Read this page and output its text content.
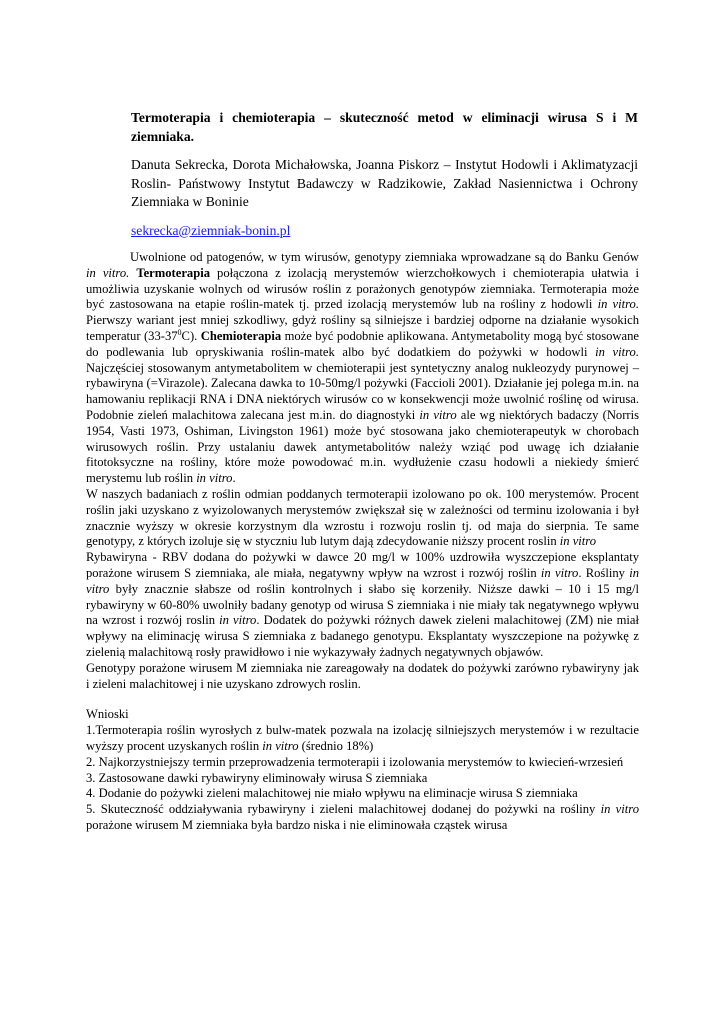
Termoterapia i chemioterapia – skuteczność metod w eliminacji wirusa S i M ziemniaka.

Danuta Sekrecka, Dorota Michałowska, Joanna Piskorz – Instytut Hodowli i Aklimatyzacji Roslin- Państwowy Instytut Badawczy w Radzikowie, Zakład Nasiennictwa i Ochrony Ziemniaka w Boninie

sekrecka@ziemniak-bonin.pl

Uwolnione od patogenów, w tym wirusów, genotypy ziemniaka wprowadzane są do Banku Genów in vitro. Termoterapia połączona z izolacją merystemów wierzchołkowych i chemioterapia ułatwia i umożliwia uzyskanie wolnych od wirusów roślin z porażonych genotypów ziemniaka. Termoterapia może być zastosowana na etapie roślin-matek tj. przed izolacją merystemów lub na rośliny z hodowli in vitro. Pierwszy wariant jest mniej szkodliwy, gdyż rośliny są silniejsze i bardziej odporne na działanie wysokich temperatur $(33-37^0C)$. Chemioterapia może być podobnie aplikowana. Antymetabolity mogą być stosowane do podlewania lub opryskiwania roślin-matek albo być dodatkiem do pożywki w hodowli in vitro. Najczęściej stosowanym antymetabolitem w chemioterapii jest syntetyczny analog nukleozydy purynowej – rybawiryna (=Virazole). Zalecana dawka to 10-50mg/l pożywki (Faccioli 2001). Działanie jej polega m.in. na hamowaniu replikacji RNA i DNA niektórych wirusów co w konsekwencji może uwolnić roślinę od wirusa. Podobnie zieleń malachitowa zalecana jest m.in. do diagnostyki in vitro ale wg niektórych badaczy (Norris 1954, Vasti 1973, Oshiman, Livingston 1961) może być stosowana jako chemioterapeutyk w chorobach wirusowych roślin. Przy ustalaniu dawek antymetabolitów należy wziąć pod uwagę ich działanie fitotoksyczne na rośliny, które może powodować m.in. wydłużenie czasu hodowli a niekiedy śmierć merystemu lub roślin in vitro.

W naszych badaniach z roślin odmian poddanych termoterapii izolowano po ok. 100 merystemów. Procent roślin jaki uzyskano z wyizolowanych merystemów zwiększał się w zależności od terminu izolowania i był znacznie wyższy w okresie korzystnym dla wzrostu i rozwoju roslin tj. od maja do sierpnia. Te same genotypy, z których izoluje się w styczniu lub lutym dają zdecydowanie niższy procent roslin in vitro

Rybawiryna - RBV dodana do pożywki w dawce 20 mg/l w 100% uzdrowiła wyszczepione eksplantaty porażone wirusem S ziemniaka, ale miała, negatywny wpływ na wzrost i rozwój roślin in vitro. Rośliny in vitro były znacznie słabsze od roślin kontrolnych i słabo się korzeniły. Niższe dawki – 10 i 15 mg/l rybawiryny w 60-80% uwolniły badany genotyp od wirusa S ziemniaka i nie miały tak negatywnego wpływu na wzrost i rozwój roslin in vitro. Dodatek do pożywki różnych dawek zieleni malachitowej (ZM) nie miał wpływy na eliminację wirusa S ziemniaka z badanego genotypu. Eksplantaty wyszczepione na pożywkę z zielenią malachitową rosły prawidłowo i nie wykazywały żadnych negatywnych objawów.

Genotypy porażone wirusem M ziemniaka nie zareagowały na dodatek do pożywki zarówno rybawiryny jak i zieleni malachitowej i nie uzyskano zdrowych roslin.

Wnioski

1.Termoterapia roślin wyrosłych z bulw-matek pozwala na izolację silniejszych merystemów i w rezultacie wyższy procent uzyskanych roślin in vitro (średnio 18%)

2. Najkorzystniejszy termin przeprowadzenia termoterapii i izolowania merystemów to kwiecień-wrzesień

3. Zastosowane dawki rybawiryny eliminowały wirusa S ziemniaka

4. Dodanie do pożywki zieleni malachitowej nie miało wpływu na eliminacje wirusa S ziemniaka

5. Skuteczność oddziaływania rybawiryny i zieleni malachitowej dodanej do pożywki na rośliny in vitro porażone wirusem M ziemniaka była bardzo niska i nie eliminowała cząstek wirusa
